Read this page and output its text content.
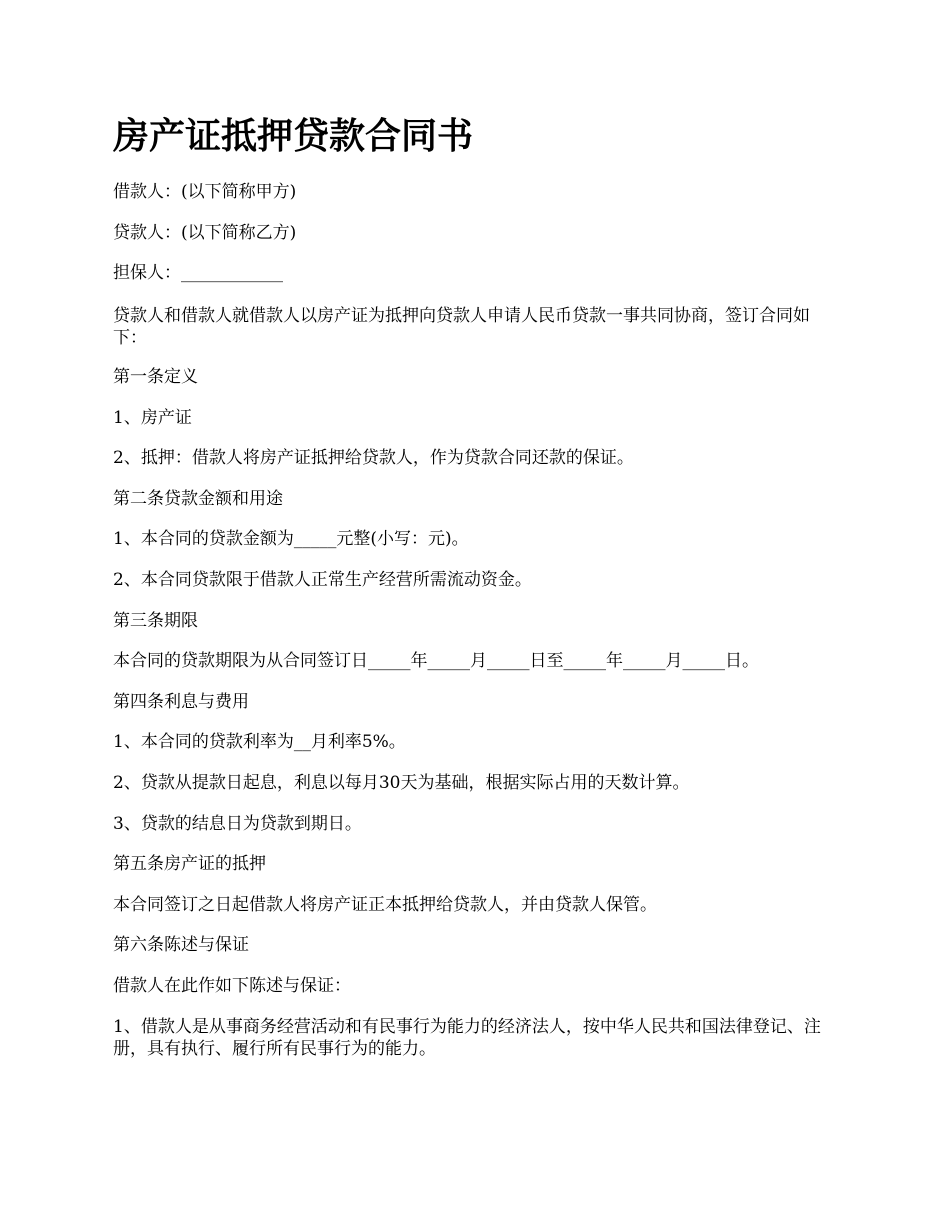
房产证抵押贷款合同书

借款人：(以下简称甲方)

贷款人：(以下简称乙方)

担保人：____________

贷款人和借款人就借款人以房产证为抵押向贷款人申请人民币贷款一事共同协商，签订合同如下：

第一条定义

1、房产证

2、抵押：借款人将房产证抵押给贷款人，作为贷款合同还款的保证。

第二条贷款金额和用途

1、本合同的贷款金额为_____元整(小写：元)。

2、本合同贷款限于借款人正常生产经营所需流动资金。

第三条期限

本合同的贷款期限为从合同签订日_____年_____月_____日至_____年_____月_____日。

第四条利息与费用

1、本合同的贷款利率为__月利率5%。

2、贷款从提款日起息，利息以每月30天为基础，根据实际占用的天数计算。

3、贷款的结息日为贷款到期日。

第五条房产证的抵押

本合同签订之日起借款人将房产证正本抵押给贷款人，并由贷款人保管。

第六条陈述与保证

借款人在此作如下陈述与保证：

1、借款人是从事商务经营活动和有民事行为能力的经济法人，按中华人民共和国法律登记、注册，具有执行、履行所有民事行为的能力。
